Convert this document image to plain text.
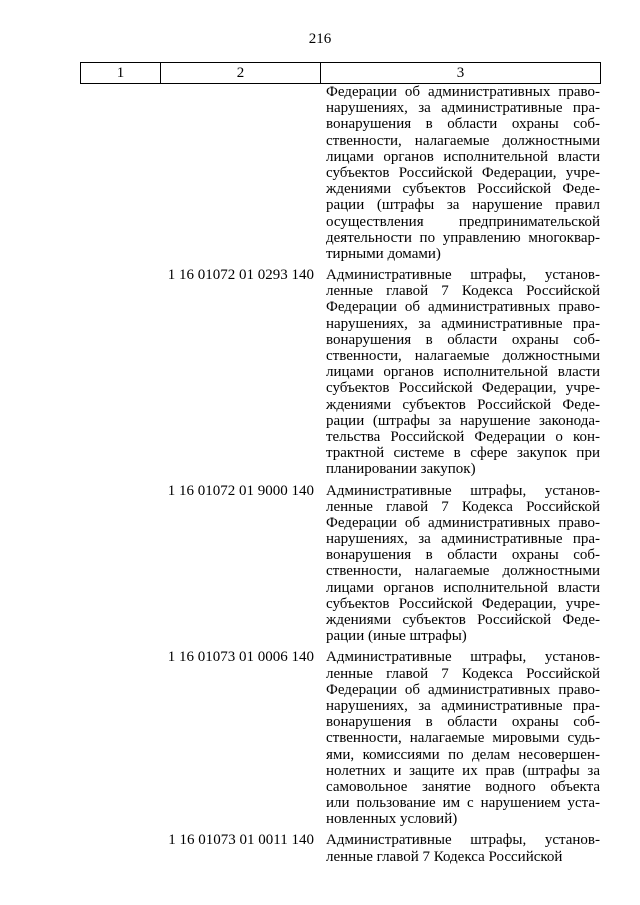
216
1	2	3
Федерации об административных право-
нарушениях, за административные пра-
вонарушения в области охраны соб-
ственности, налагаемые должностными
лицами органов исполнительной власти
субъектов Российской Федерации, учре-
ждениями субъектов Российской Феде-
рации (штрафы за нарушение правил
осуществления предпринимательской
деятельности по управлению многоквар-
тирными домами)
1 16 01072 01 0293 140 Административные штрафы, установ-
ленные главой 7 Кодекса Российской
Федерации об административных право-
нарушениях, за административные пра-
вонарушения в области охраны соб-
ственности, налагаемые должностными
лицами органов исполнительной власти
субъектов Российской Федерации, учре-
ждениями субъектов Российской Феде-
рации (штрафы за нарушение законода-
тельства Российской Федерации о кон-
трактной системе в сфере закупок при
планировании закупок)
1 16 01072 01 9000 140 Административные штрафы, установ-
ленные главой 7 Кодекса Российской
Федерации об административных право-
нарушениях, за административные пра-
вонарушения в области охраны соб-
ственности, налагаемые должностными
лицами органов исполнительной власти
субъектов Российской Федерации, учре-
ждениями субъектов Российской Феде-
рации (иные штрафы)
1 16 01073 01 0006 140 Административные штрафы, установ-
ленные главой 7 Кодекса Российской
Федерации об административных право-
нарушениях, за административные пра-
вонарушения в области охраны соб-
ственности, налагаемые мировыми судь-
ями, комиссиями по делам несовершен-
нолетних и защите их прав (штрафы за
самовольное занятие водного объекта
или пользование им с нарушением уста-
новленных условий)
1 16 01073 01 0011 140 Административные штрафы, установ-
ленные главой 7 Кодекса Российской
